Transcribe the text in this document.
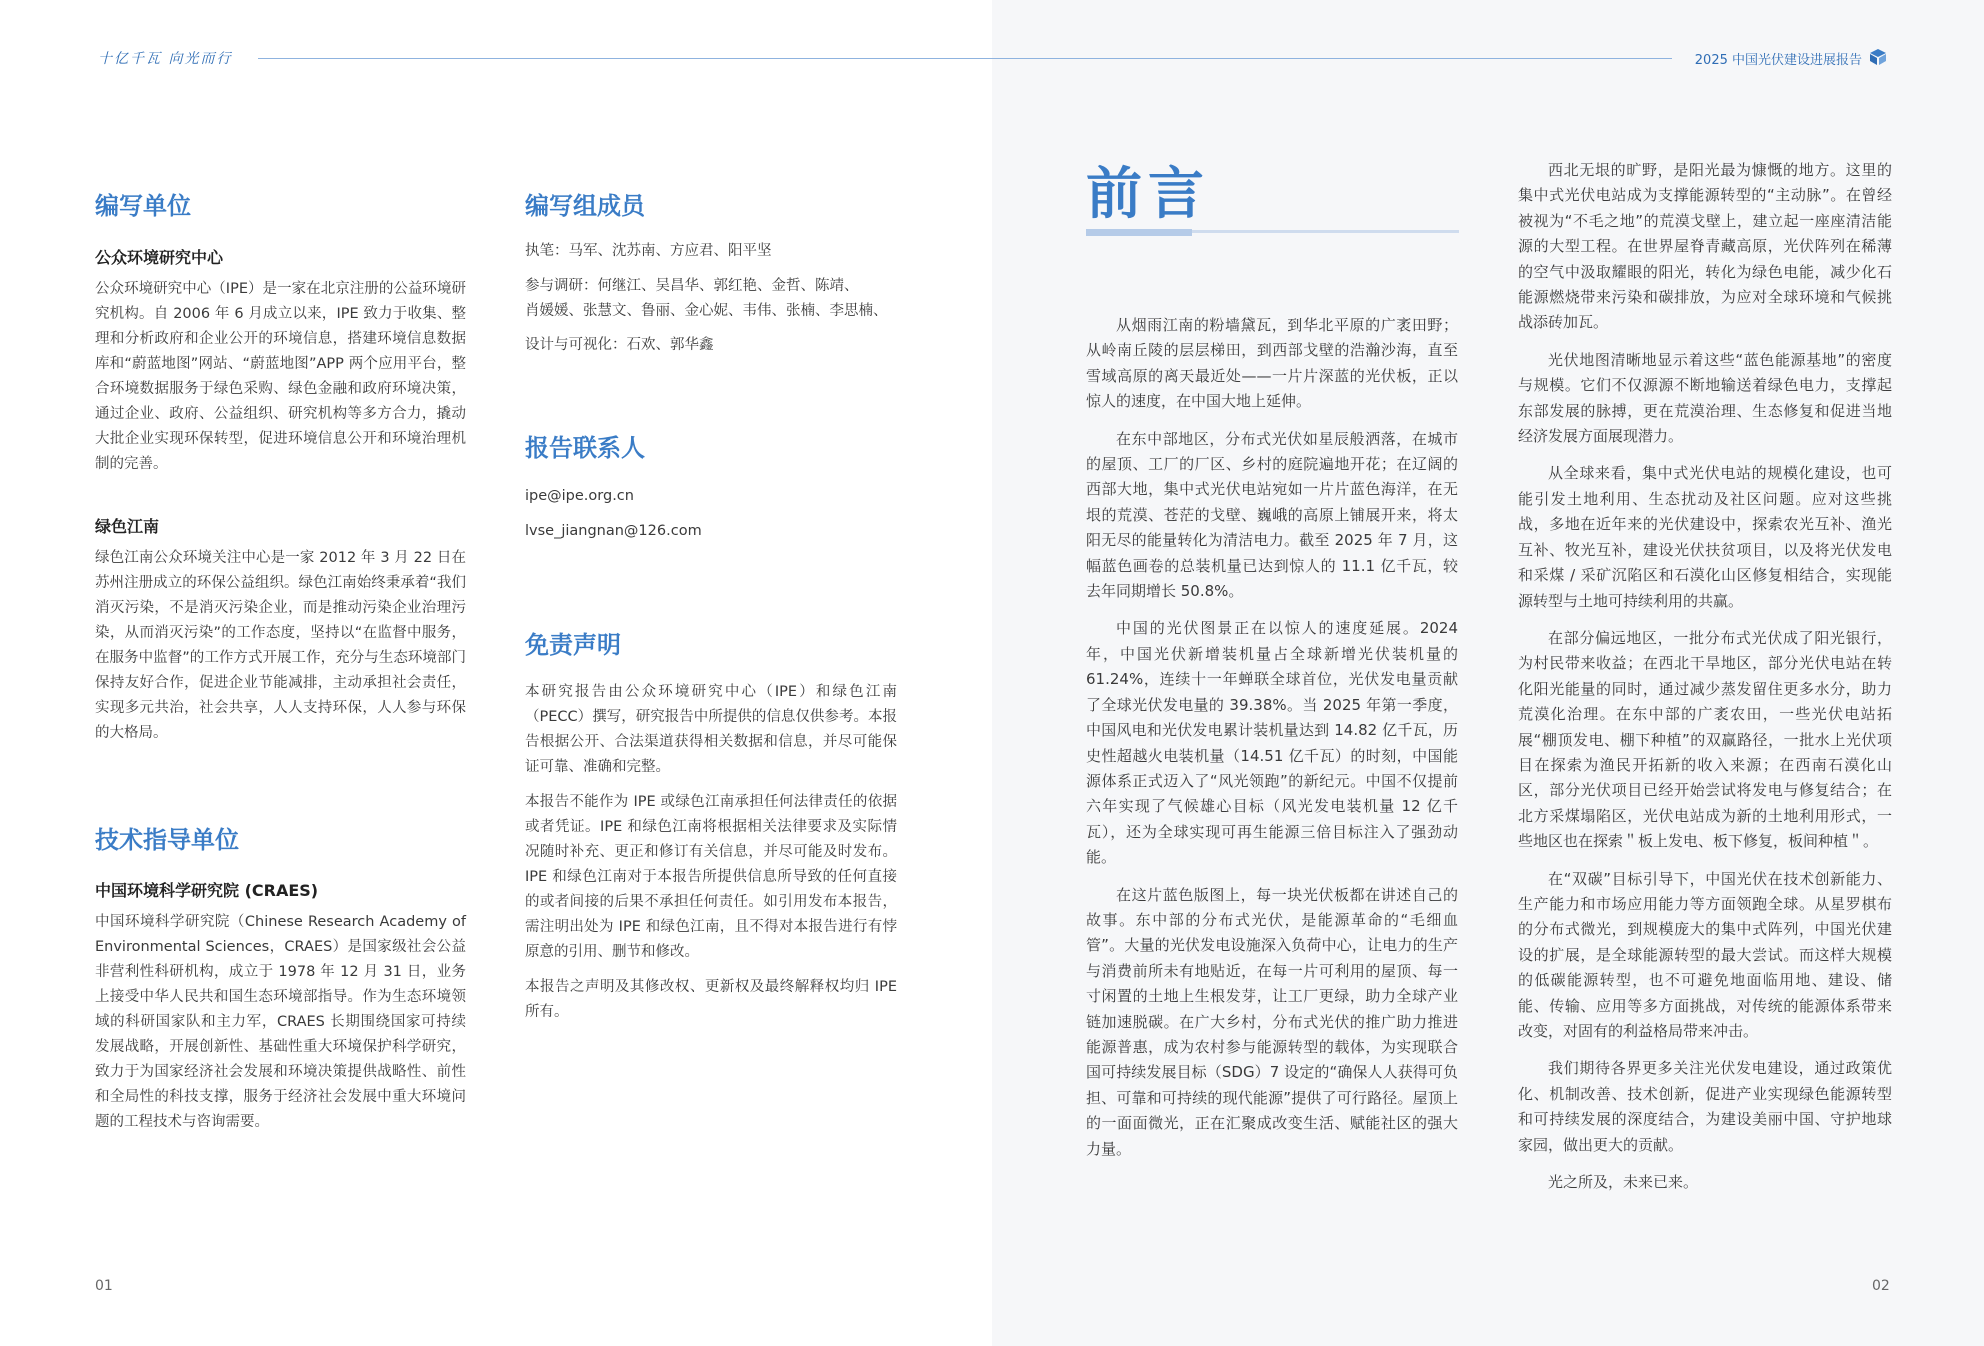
十亿千瓦 向光而行	2025 中国光伏建设进展报告
编写单位
公众环境研究中心
公众环境研究中心（IPE）是一家在北京注册的公益环境研究机构。自 2006 年 6 月成立以来，IPE 致力于收集、整理和分析政府和企业公开的环境信息，搭建环境信息数据库和“蔚蓝地图”网站、“蔚蓝地图”APP 两个应用平台，整合环境数据服务于绿色采购、绿色金融和政府环境决策，通过企业、政府、公益组织、研究机构等多方合力，撬动大批企业实现环保转型，促进环境信息公开和环境治理机制的完善。
绿色江南
绿色江南公众环境关注中心是一家 2012 年 3 月 22 日在苏州注册成立的环保公益组织。绿色江南始终秉承着“我们消灭污染，不是消灭污染企业，而是推动污染企业治理污染，从而消灭污染”的工作态度，坚持以“在监督中服务，在服务中监督”的工作方式开展工作，充分与生态环境部门保持友好合作，促进企业节能减排，主动承担社会责任，实现多元共治，社会共享，人人支持环保，人人参与环保的大格局。
技术指导单位
中国环境科学研究院 (CRAES)
中国环境科学研究院（Chinese Research Academy of Environmental Sciences，CRAES）是国家级社会公益非营利性科研机构，成立于 1978 年 12 月 31 日，业务上接受中华人民共和国生态环境部指导。作为生态环境领域的科研国家队和主力军，CRAES 长期围绕国家可持续发展战略，开展创新性、基础性重大环境保护科学研究，致力于为国家经济社会发展和环境决策提供战略性、前性和全局性的科技支撑，服务于经济社会发展中重大环境问题的工程技术与咨询需要。
编写组成员
执笔：马军、沈苏南、方应君、阳平坚
参与调研：何继江、吴昌华、郭红艳、金哲、陈靖、
肖媛媛、张慧文、鲁丽、金心妮、韦伟、张楠、李思楠、
设计与可视化：石欢、郭华鑫
报告联系人
ipe@ipe.org.cn
lvse_jiangnan@126.com
免责声明
本研究报告由公众环境研究中心（IPE）和绿色江南（PECC）撰写，研究报告中所提供的信息仅供参考。本报告根据公开、合法渠道获得相关数据和信息，并尽可能保证可靠、准确和完整。
本报告不能作为 IPE 或绿色江南承担任何法律责任的依据或者凭证。IPE 和绿色江南将根据相关法律要求及实际情况随时补充、更正和修订有关信息，并尽可能及时发布。IPE 和绿色江南对于本报告所提供信息所导致的任何直接的或者间接的后果不承担任何责任。如引用发布本报告，需注明出处为 IPE 和绿色江南，且不得对本报告进行有悖原意的引用、删节和修改。
本报告之声明及其修改权、更新权及最终解释权均归 IPE 所有。
01
前言

从烟雨江南的粉墙黛瓦，到华北平原的广袤田野；从岭南丘陵的层层梯田，到西部戈壁的浩瀚沙海，直至雪域高原的离天最近处——一片片深蓝的光伏板，正以惊人的速度，在中国大地上延伸。

在东中部地区，分布式光伏如星辰般洒落，在城市的屋顶、工厂的厂区、乡村的庭院遍地开花；在辽阔的西部大地，集中式光伏电站宛如一片片蓝色海洋，在无垠的荒漠、苍茫的戈壁、巍峨的高原上铺展开来，将太阳无尽的能量转化为清洁电力。截至 2025 年 7 月，这幅蓝色画卷的总装机量已达到惊人的 11.1 亿千瓦，较去年同期增长 50.8%。

中国的光伏图景正在以惊人的速度延展。2024 年，中国光伏新增装机量占全球新增光伏装机量的 61.24%，连续十一年蝉联全球首位，光伏发电量贡献了全球光伏发电量的 39.38%。当 2025 年第一季度，中国风电和光伏发电累计装机量达到 14.82 亿千瓦，历史性超越火电装机量（14.51 亿千瓦）的时刻，中国能源体系正式迈入了“风光领跑”的新纪元。中国不仅提前六年实现了气候雄心目标（风光发电装机量 12 亿千瓦），还为全球实现可再生能源三倍目标注入了强劲动能。

在这片蓝色版图上，每一块光伏板都在讲述自己的故事。东中部的分布式光伏，是能源革命的“毛细血管”。大量的光伏发电设施深入负荷中心，让电力的生产与消费前所未有地贴近，在每一片可利用的屋顶、每一寸闲置的土地上生根发芽，让工厂更绿，助力全球产业链加速脱碳。在广大乡村，分布式光伏的推广助力推进能源普惠，成为农村参与能源转型的载体，为实现联合国可持续发展目标（SDG）7 设定的“确保人人获得可负担、可靠和可持续的现代能源”提供了可行路径。屋顶上的一面面微光，正在汇聚成改变生活、赋能社区的强大力量。

西北无垠的旷野，是阳光最为慷慨的地方。这里的集中式光伏电站成为支撑能源转型的“主动脉”。在曾经被视为“不毛之地”的荒漠戈壁上，建立起一座座清洁能源的大型工程。在世界屋脊青藏高原，光伏阵列在稀薄的空气中汲取耀眼的阳光，转化为绿色电能，减少化石能源燃烧带来污染和碳排放，为应对全球环境和气候挑战添砖加瓦。

光伏地图清晰地显示着这些“蓝色能源基地”的密度与规模。它们不仅源源不断地输送着绿色电力，支撑起东部发展的脉搏，更在荒漠治理、生态修复和促进当地经济发展方面展现潜力。

从全球来看，集中式光伏电站的规模化建设，也可能引发土地利用、生态扰动及社区问题。应对这些挑战，多地在近年来的光伏建设中，探索农光互补、渔光互补、牧光互补，建设光伏扶贫项目，以及将光伏发电和采煤 / 采矿沉陷区和石漠化山区修复相结合，实现能源转型与土地可持续利用的共赢。

在部分偏远地区，一批分布式光伏成了阳光银行，为村民带来收益；在西北干旱地区，部分光伏电站在转化阳光能量的同时，通过减少蒸发留住更多水分，助力荒漠化治理。在东中部的广袤农田，一些光伏电站拓展“棚顶发电、棚下种植”的双赢路径，一批水上光伏项目在探索为渔民开拓新的收入来源；在西南石漠化山区，部分光伏项目已经开始尝试将发电与修复结合；在北方采煤塌陷区，光伏电站成为新的土地利用形式，一些地区也在探索＂板上发电、板下修复，板间种植＂。

在“双碳”目标引导下，中国光伏在技术创新能力、生产能力和市场应用能力等方面领跑全球。从星罗棋布的分布式微光，到规模庞大的集中式阵列，中国光伏建设的扩展，是全球能源转型的最大尝试。而这样大规模的低碳能源转型，也不可避免地面临用地、建设、储能、传输、应用等多方面挑战，对传统的能源体系带来改变，对固有的利益格局带来冲击。

我们期待各界更多关注光伏发电建设，通过政策优化、机制改善、技术创新，促进产业实现绿色能源转型和可持续发展的深度结合，为建设美丽中国、守护地球家园，做出更大的贡献。

光之所及，未来已来。

02
